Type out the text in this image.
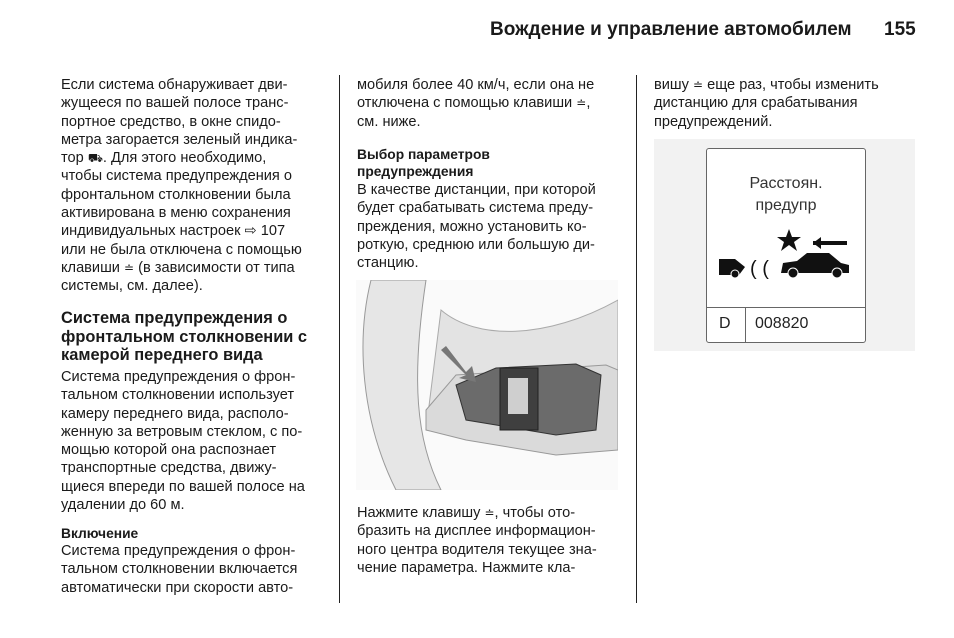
Вождение и управление автомобилем 155
Если система обнаруживает дви-
жущееся по вашей полосе транс-
портное средство, в окне спидо-
метра загорается зеленый индика-
тор ⛟. Для этого необходимо,
чтобы система предупреждения о
фронтальном столкновении была
активирована в меню сохранения
индивидуальных настроек ⇨ 107
или не была отключена с помощью
клавиши ≐ (в зависимости от типа
системы, см. далее).
Система предупреждения о
фронтальном столкновении с
камерой переднего вида
Система предупреждения о фрон-
тальном столкновении использует
камеру переднего вида, располо-
женную за ветровым стеклом, с по-
мощью которой она распознает
транспортные средства, движу-
щиеся впереди по вашей полосе на
удалении до 60 м.
Включение
Система предупреждения о фрон-
тальном столкновении включается
автоматически при скорости авто-
мобиля более 40 км/ч, если она не
отключена с помощью клавиши ≐,
см. ниже.
Выбор параметров
предупреждения
В качестве дистанции, при которой
будет срабатывать система преду-
преждения, можно установить ко-
роткую, среднюю или большую ди-
станцию.
Нажмите клавишу ≐, чтобы ото-
бразить на дисплее информацион-
ного центра водителя текущее зна-
чение параметра. Нажмите кла-
вишу ≐ еще раз, чтобы изменить
дистанцию для срабатывания
предупреждений.
Расстоян.
предупр
( (
D 008820
